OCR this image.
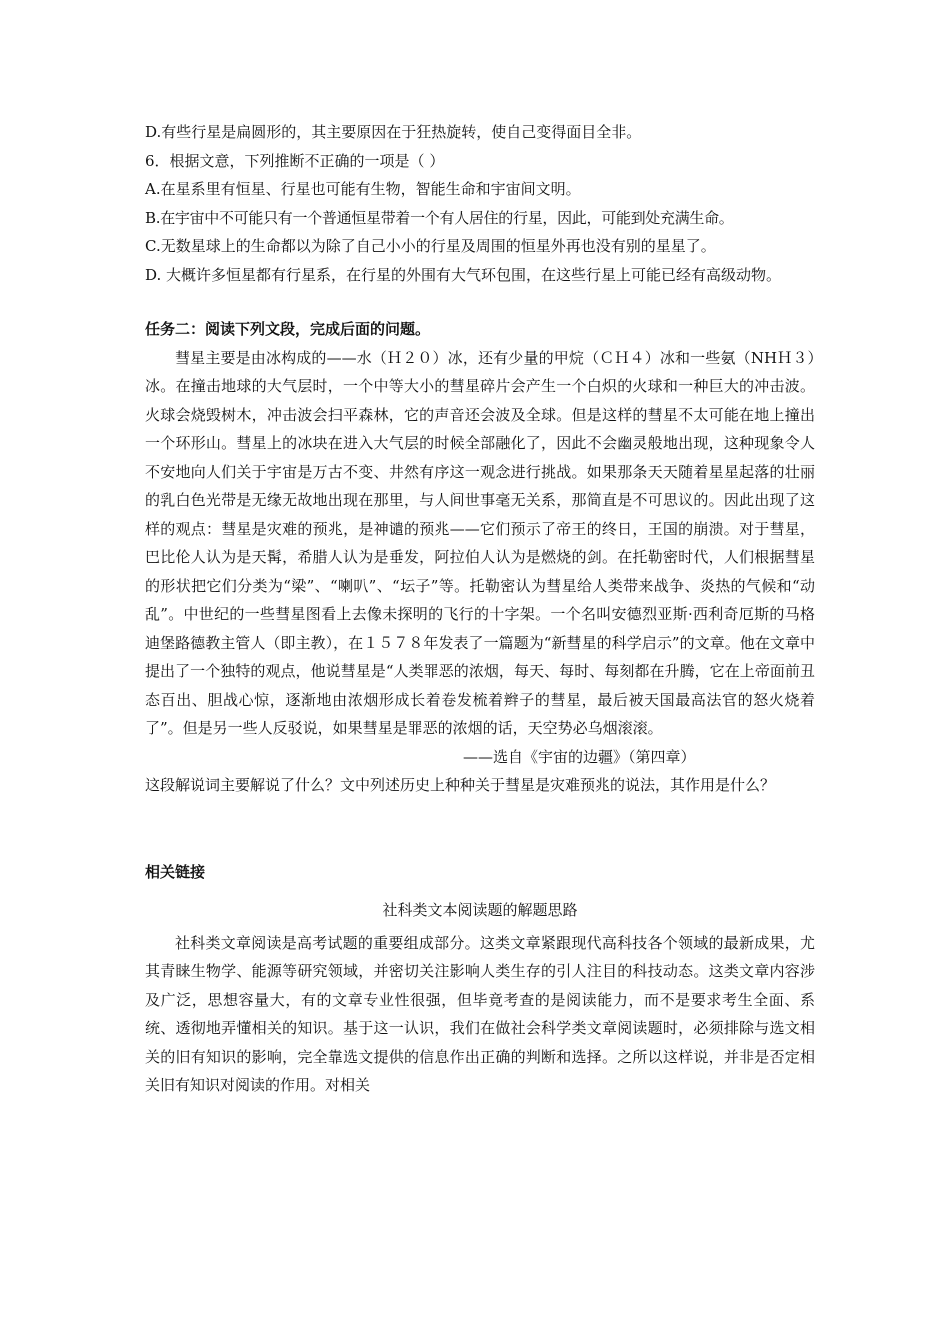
D.有些行星是扁圆形的，其主要原因在于狂热旋转，使自己变得面目全非。
6．根据文意，下列推断不正确的一项是（ ）
A.在星系里有恒星、行星也可能有生物，智能生命和宇宙间文明。
B.在宇宙中不可能只有一个普通恒星带着一个有人居住的行星，因此，可能到处充满生命。
C.无数星球上的生命都以为除了自己小小的行星及周围的恒星外再也没有别的星星了。

D. 大概许多恒星都有行星系，在行星的外围有大气环包围，在这些行星上可能已经有高级动物。

任务二：阅读下列文段，完成后面的问题。

彗星主要是由冰构成的——水（Ｈ２０）冰，还有少量的甲烷（ＣＨ４）冰和一些氨（NHＨ３）冰。在撞击地球的大气层时，一个中等大小的彗星碎片会产生一个白炽的火球和一种巨大的冲击波。火球会烧毁树木，冲击波会扫平森林，它的声音还会波及全球。但是这样的彗星不太可能在地上撞出一个环形山。彗星上的冰块在进入大气层的时候全部融化了，因此不会幽灵般地出现，这种现象令人不安地向人们关于宇宙是万古不变、井然有序这一观念进行挑战。如果那条天天随着星星起落的壮丽的乳白色光带是无缘无故地出现在那里，与人间世事毫无关系，那简直是不可思议的。因此出现了这样的观点：彗星是灾难的预兆，是神谴的预兆——它们预示了帝王的终日，王国的崩溃。对于彗星，巴比伦人认为是天髯，希腊人认为是垂发，阿拉伯人认为是燃烧的剑。在托勒密时代，人们根据彗星的形状把它们分类为“梁”、“喇叭”、“坛子”等。托勒密认为彗星给人类带来战争、炎热的气候和“动乱”。中世纪的一些彗星图看上去像未探明的飞行的十字架。一个名叫安德烈亚斯·西利奇厄斯的马格迪堡路德教主管人（即主教），在１５７８年发表了一篇题为“新彗星的科学启示”的文章。他在文章中提出了一个独特的观点，他说彗星是“人类罪恶的浓烟，每天、每时、每刻都在升腾，它在上帝面前丑态百出、胆战心惊，逐渐地由浓烟形成长着卷发梳着辫子的彗星，最后被天国最高法官的怒火烧着了”。但是另一些人反驳说，如果彗星是罪恶的浓烟的话，天空势必乌烟滚滚。

——选自《宇宙的边疆》（第四章）

这段解说词主要解说了什么？文中列述历史上种种关于彗星是灾难预兆的说法，其作用是什么？

相关链接

社科类文本阅读题的解题思路

社科类文章阅读是高考试题的重要组成部分。这类文章紧跟现代高科技各个领域的最新成果，尤其青睐生物学、能源等研究领域，并密切关注影响人类生存的引人注目的科技动态。这类文章内容涉及广泛，思想容量大，有的文章专业性很强，但毕竟考查的是阅读能力，而不是要求考生全面、系统、透彻地弄懂相关的知识。基于这一认识，我们在做社会科学类文章阅读题时，必须排除与选文相关的旧有知识的影响，完全靠选文提供的信息作出正确的判断和选择。之所以这样说，并非是否定相关旧有知识对阅读的作用。对相关
